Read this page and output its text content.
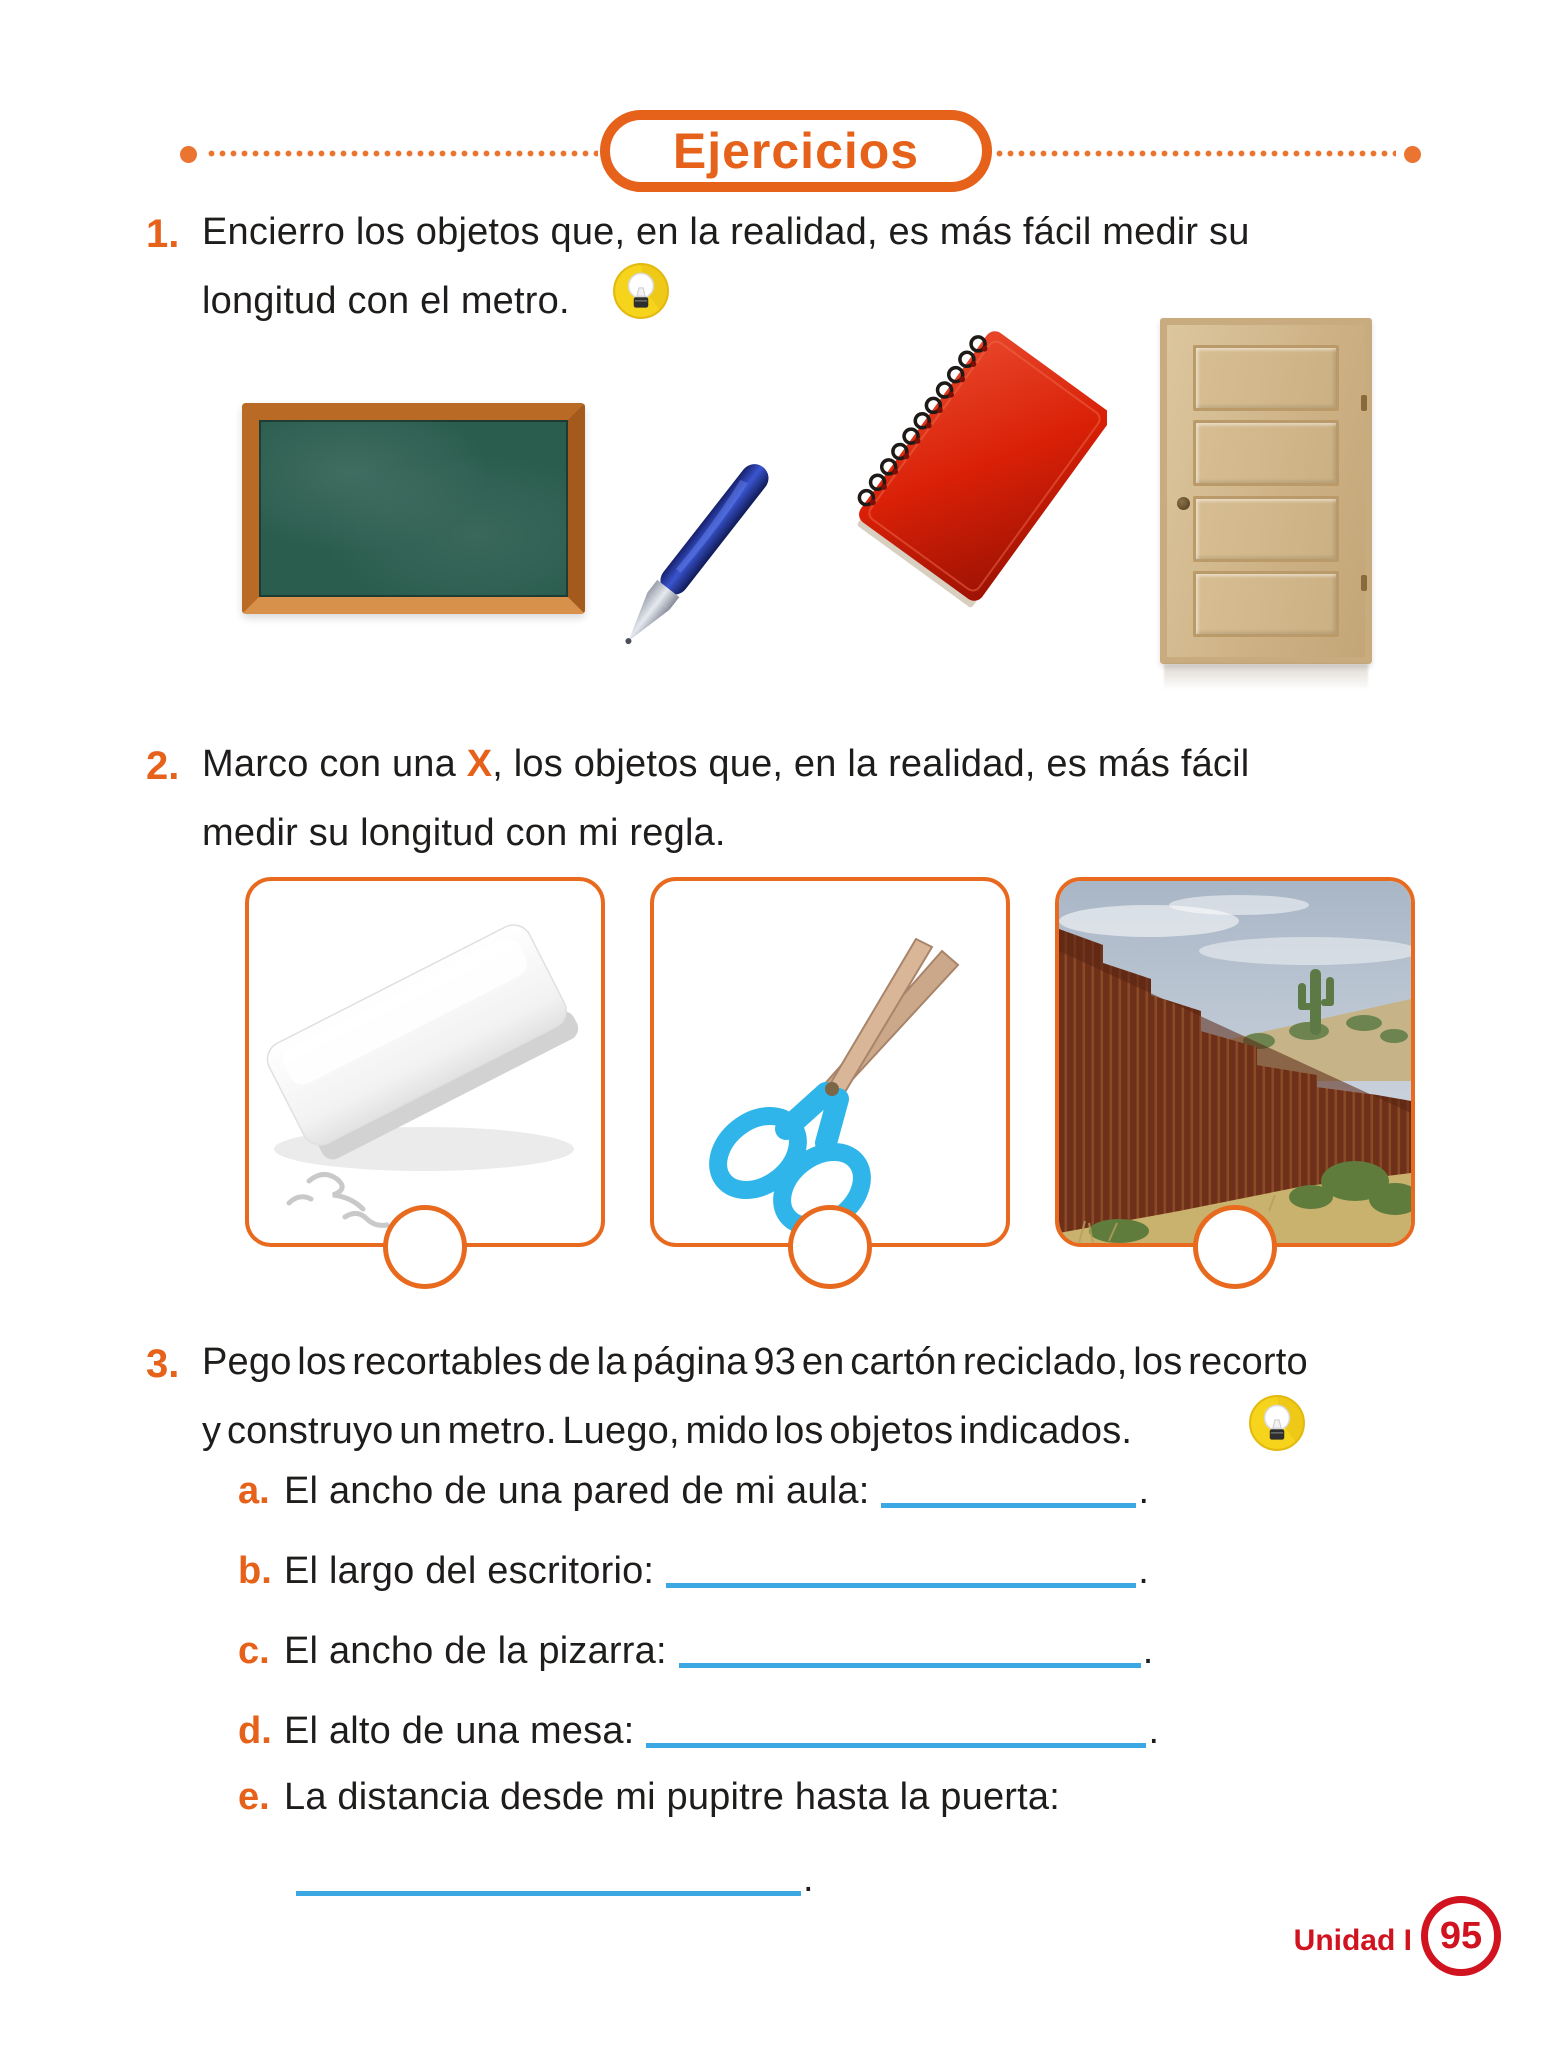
Ejercicios
1. Encierro los objetos que, en la realidad, es más fácil medir su
longitud con el metro.
2. Marco con una X, los objetos que, en la realidad, es más fácil
medir su longitud con mi regla.
3. Pego los recortables de la página 93 en cartón reciclado, los recorto
y construyo un metro. Luego, mido los objetos indicados.
a. El ancho de una pared de mi aula:	.
b. El largo del escritorio:	.
c. El ancho de la pizarra:	.
d. El alto de una mesa:	.
e. La distancia desde mi pupitre hasta la puerta:
.
Unidad I 95
